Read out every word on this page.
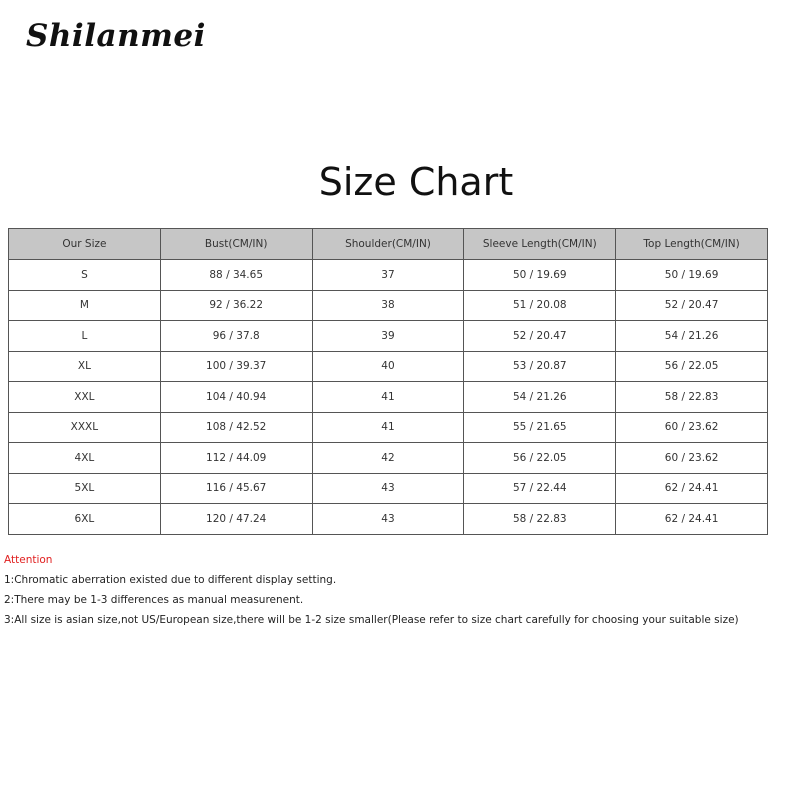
Shilanmei
Size Chart
Our Size	Bust(CM/IN)	Shoulder(CM/IN)	Sleeve Length(CM/IN)	Top Length(CM/IN)
S	88 / 34.65	37	50 / 19.69	50 / 19.69
M	92 / 36.22	38	51 / 20.08	52 / 20.47
L	96 / 37.8	39	52 / 20.47	54 / 21.26
XL	100 / 39.37	40	53 / 20.87	56 / 22.05
XXL	104 / 40.94	41	54 / 21.26	58 / 22.83
XXXL	108 / 42.52	41	55 / 21.65	60 / 23.62
4XL	112 / 44.09	42	56 / 22.05	60 / 23.62
5XL	116 / 45.67	43	57 / 22.44	62 / 24.41
6XL	120 / 47.24	43	58 / 22.83	62 / 24.41
Attention
1:Chromatic aberration existed due to different display setting.
2:There may be 1-3 differences as manual measurenent.
3:All size is asian size,not US/European size,there will be 1-2 size smaller(Please refer to size chart carefully for choosing your suitable size)
